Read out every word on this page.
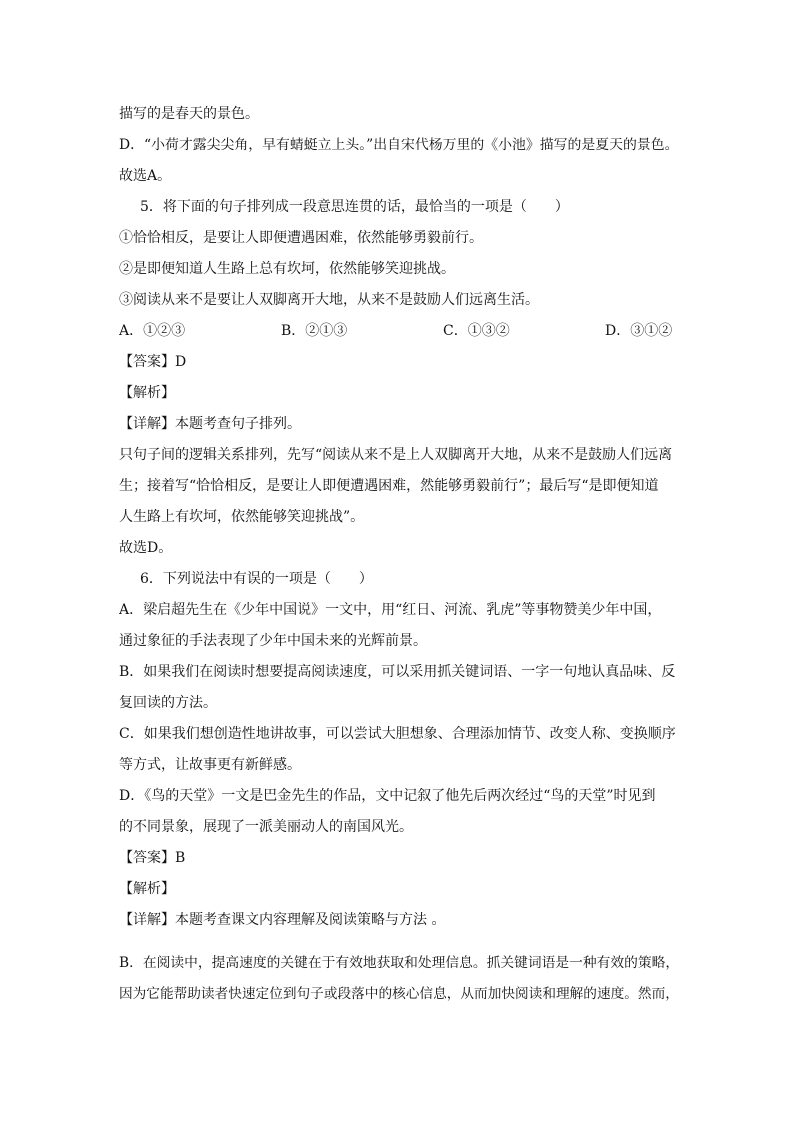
描写的是春天的景色。
D．“小荷才露尖尖角，早有蜻蜓立上头。”出自宋代杨万里的《小池》描写的是夏天的景色。
故选A。
5．将下面的句子排列成一段意思连贯的话，最恰当的一项是（　　）
①恰恰相反，是要让人即便遭遇困难，依然能够勇毅前行。
②是即便知道人生路上总有坎坷，依然能够笑迎挑战。
③阅读从来不是要让人双脚离开大地，从来不是鼓励人们远离生活。
A．①②③	B．②①③	C．①③②	D．③①②
【答案】D
【解析】
【详解】本题考查句子排列。
只句子间的逻辑关系排列，先写“阅读从来不是上人双脚离开大地，从来不是鼓励人们远离
生；接着写“恰恰相反，是要让人即便遭遇困难，然能够勇毅前行”；最后写“是即便知道
人生路上有坎坷，依然能够笑迎挑战”。
故选D。
6．下列说法中有误的一项是（　　）
A．梁启超先生在《少年中国说》一文中，用“红日、河流、乳虎”等事物赞美少年中国，
通过象征的手法表现了少年中国未来的光辉前景。
B．如果我们在阅读时想要提高阅读速度，可以采用抓关键词语、一字一句地认真品味、反
复回读的方法。
C．如果我们想创造性地讲故事，可以尝试大胆想象、合理添加情节、改变人称、变换顺序
等方式，让故事更有新鲜感。
D．《鸟的天堂》一文是巴金先生的作品，文中记叙了他先后两次经过“鸟的天堂”时见到
的不同景象，展现了一派美丽动人的南国风光。
【答案】B
【解析】
【详解】本题考查课文内容理解及阅读策略与方法 。
B．在阅读中，提高速度的关键在于有效地获取和处理信息。抓关键词语是一种有效的策略，
因为它能帮助读者快速定位到句子或段落中的核心信息，从而加快阅读和理解的速度。然而，
